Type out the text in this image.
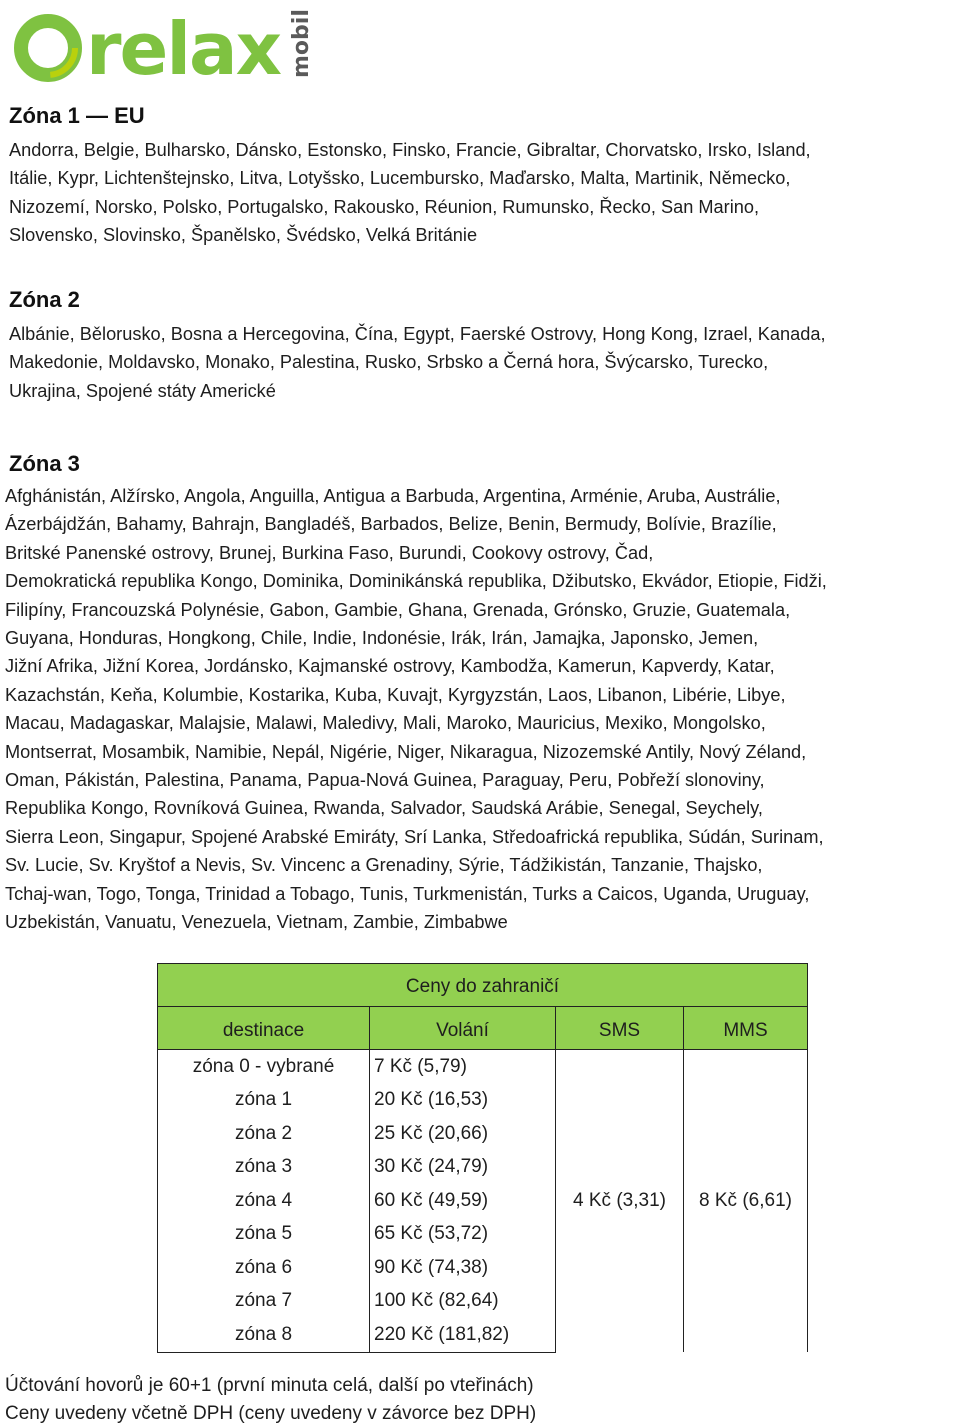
relax mobil
Zóna 1 — EU

Andorra, Belgie, Bulharsko, Dánsko, Estonsko, Finsko, Francie, Gibraltar, Chorvatsko, Irsko, Island,
Itálie, Kypr, Lichtenštejnsko, Litva, Lotyšsko, Lucembursko, Maďarsko, Malta, Martinik, Německo,
Nizozemí, Norsko, Polsko, Portugalsko, Rakousko, Réunion, Rumunsko, Řecko, San Marino,
Slovensko, Slovinsko, Španělsko, Švédsko, Velká Británie

Zóna 2

Albánie, Bělorusko, Bosna a Hercegovina, Čína, Egypt, Faerské Ostrovy, Hong Kong, Izrael, Kanada,
Makedonie, Moldavsko, Monako, Palestina, Rusko, Srbsko a Černá hora, Švýcarsko, Turecko,
Ukrajina, Spojené státy Americké

Zóna 3

Afghánistán, Alžírsko, Angola, Anguilla, Antigua a Barbuda, Argentina, Arménie, Aruba, Austrálie,
Ázerbájdžán, Bahamy, Bahrajn, Bangladéš, Barbados, Belize, Benin, Bermudy, Bolívie, Brazílie,
Britské Panenské ostrovy, Brunej, Burkina Faso, Burundi, Cookovy ostrovy, Čad,
Demokratická republika Kongo, Dominika, Dominikánská republika, Džibutsko, Ekvádor, Etiopie, Fidži,
Filipíny, Francouzská Polynésie, Gabon, Gambie, Ghana, Grenada, Grónsko, Gruzie, Guatemala,
Guyana, Honduras, Hongkong, Chile, Indie, Indonésie, Irák, Irán, Jamajka, Japonsko, Jemen,
Jižní Afrika, Jižní Korea, Jordánsko, Kajmanské ostrovy, Kambodža, Kamerun, Kapverdy, Katar,
Kazachstán, Keňa, Kolumbie, Kostarika, Kuba, Kuvajt, Kyrgyzstán, Laos, Libanon, Libérie, Libye,
Macau, Madagaskar, Malajsie, Malawi, Maledivy, Mali, Maroko, Mauricius, Mexiko, Mongolsko,
Montserrat, Mosambik, Namibie, Nepál, Nigérie, Niger, Nikaragua, Nizozemské Antily, Nový Zéland,
Oman, Pákistán, Palestina, Panama, Papua-Nová Guinea, Paraguay, Peru, Pobřeží slonoviny,
Republika Kongo, Rovníková Guinea, Rwanda, Salvador, Saudská Arábie, Senegal, Seychely,
Sierra Leon, Singapur, Spojené Arabské Emiráty, Srí Lanka, Středoafrická republika, Súdán, Surinam,
Sv. Lucie, Sv. Kryštof a Nevis, Sv. Vincenc a Grenadiny, Sýrie, Tádžikistán, Tanzanie, Thajsko,
Tchaj-wan, Togo, Tonga, Trinidad a Tobago, Tunis, Turkmenistán, Turks a Caicos, Uganda, Uruguay,
Uzbekistán, Vanuatu, Venezuela, Vietnam, Zambie, Zimbabwe

Ceny do zahraničí			
destinace	Volání	SMS	MMS
zóna 0 - vybrané	7 Kč (5,79)	4 Kč (3,31)	8 Kč (6,61)
zóna 1	20 Kč (16,53)		
zóna 2	25 Kč (20,66)		
zóna 3	30 Kč (24,79)		
zóna 4	60 Kč (49,59)		
zóna 5	65 Kč (53,72)		
zóna 6	90 Kč (74,38)		
zóna 7	100 Kč (82,64)		
zóna 8	220 Kč (181,82)		
Účtování hovorů je 60+1 (první minuta celá, další po vteřinách)
Ceny uvedeny včetně DPH (ceny uvedeny v závorce bez DPH)
